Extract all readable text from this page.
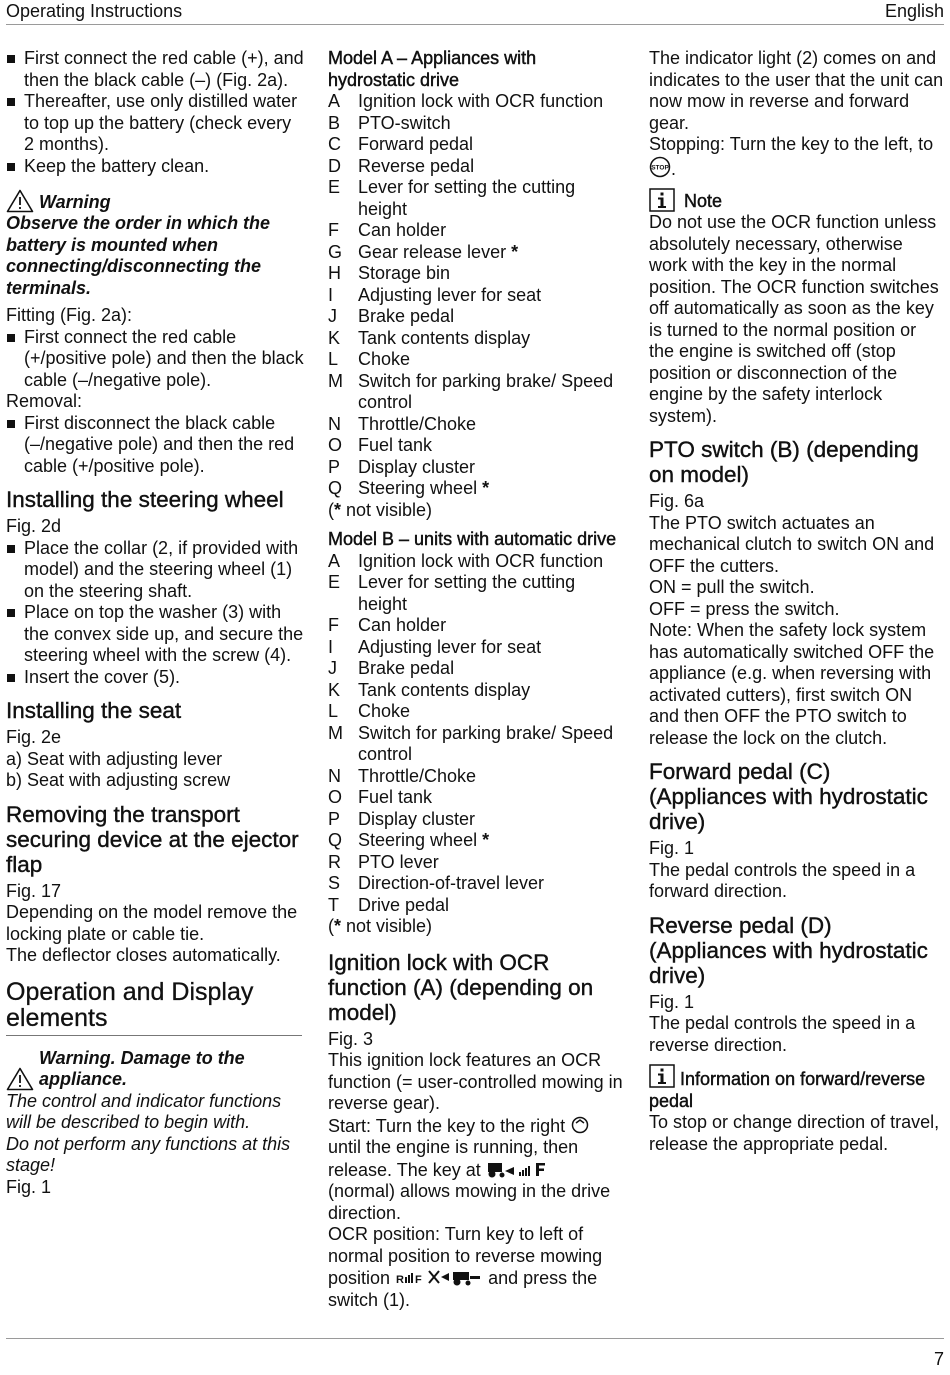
Operating Instructions	English

First connect the red cable (+), and then the black cable (–) (Fig. 2a).

Thereafter, use only distilled water to top up the battery (check every 2 months).

Keep the battery clean.

Warning

Observe the order in which the battery is mounted when connecting/disconnecting the terminals.

Fitting (Fig. 2a):

First connect the red cable (+/positive pole) and then the black cable (–/negative pole).

Removal:

First disconnect the black cable (–/negative pole) and then the red cable (+/positive pole).

Installing the steering wheel

Fig. 2d

Place the collar (2, if provided with model) and the steering wheel (1) on the steering shaft.

Place on top the washer (3) with the convex side up, and secure the steering wheel with the screw (4).

Insert the cover (5).

Installing the seat

Fig. 2e

a) Seat with adjusting lever

b) Seat with adjusting screw

Removing the transport securing device at the ejector flap

Fig. 17

Depending on the model remove the locking plate or cable tie.

The deflector closes automatically.

Operation and Display elements
Warning. Damage to the appliance.

The control and indicator functions will be described to begin with.

Do not perform any functions at this stage!

Fig. 1

Model A – Appliances with hydrostatic drive

A Ignition lock with OCR function
B PTO-switch
C Forward pedal
D Reverse pedal
E Lever for setting the cutting height
F	Can holder
G Gear release lever *
H Storage bin
I	Adjusting lever for seat
J	Brake pedal
K Tank contents display
L	Choke
M Switch for parking brake/ Speed control
N Throttle/Choke
O Fuel tank
P Display cluster
Q Steering wheel *

(* not visible)

Model B – units with automatic drive

A Ignition lock with OCR function
E Lever for setting the cutting height
F	Can holder
I	Adjusting lever for seat
J	Brake pedal
K Tank contents display
L	Choke
M Switch for parking brake/ Speed control
N Throttle/Choke
O Fuel tank
P Display cluster
Q Steering wheel *
R PTO lever
S Direction-of-travel lever
T	Drive pedal

(* not visible)

Ignition lock with OCR function (A) (depending on model)

Fig. 3

This ignition lock features an OCR function (= user-controlled mowing in reverse gear).

Start: Turn the key to the right  until the engine is running, then release. The key at

(normal) allows mowing in the drive direction.

OCR position: Turn key to left of normal position to reverse mowing position R F	and press the switch (1).

The indicator light (2) comes on and indicates to the user that the unit can now mow in reverse and forward gear.

Stopping: Turn the key to the left, to
STOP .

Note

Do not use the OCR function unless absolutely necessary, otherwise work with the key in the normal position. The OCR function switches off automatically as soon as the key is turned to the normal position or the engine is switched off (stop position or disconnection of the engine by the safety interlock system).

PTO switch (B) (depending on model)

Fig. 6a

The PTO switch actuates an mechanical clutch to switch ON and OFF the cutters.

ON = pull the switch.

OFF = press the switch.

Note: When the safety lock system has automatically switched OFF the appliance (e.g. when reversing with activated cutters), first switch ON and then OFF the PTO switch to release the lock on the clutch.

Forward pedal (C) (Appliances with hydrostatic drive)

Fig. 1

The pedal controls the speed in a forward direction.

Reverse pedal (D) (Appliances with hydrostatic drive)

Fig. 1

The pedal controls the speed in a reverse direction.

Information on forward/reverse pedal

To stop or change direction of travel, release the appropriate pedal.

7
